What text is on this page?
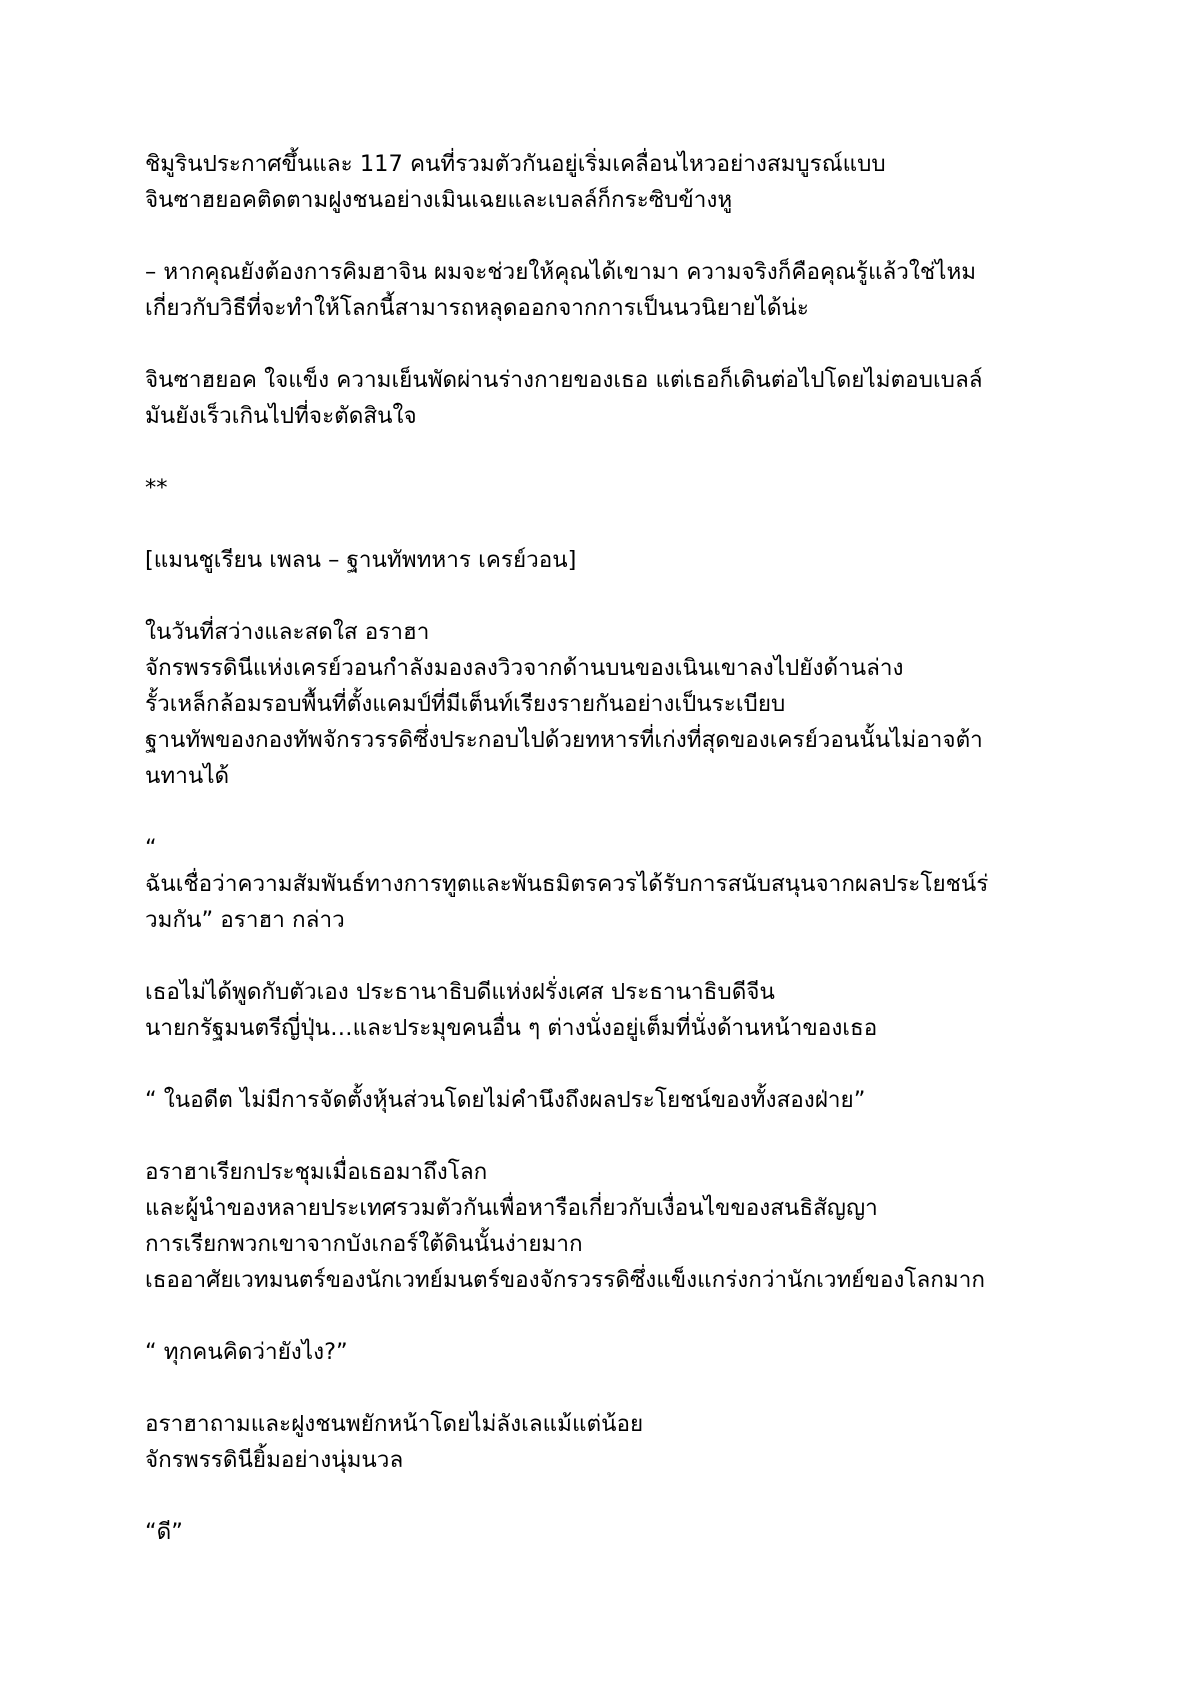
ชิมูรินประกาศขึ้นและ 117 คนที่รวมตัวกันอยู่เริ่มเคลื่อนไหวอย่างสมบูรณ์แบบ
จินซาฮยอคติดตามฝูงชนอย่างเมินเฉยและเบลล์ก็กระซิบข้างหู
– หากคุณยังต้องการคิมฮาจิน ผมจะช่วยให้คุณได้เขามา ความจริงก็คือคุณรู้แล้วใช่ไหม
เกี่ยวกับวิธีที่จะทำให้โลกนี้สามารถหลุดออกจากการเป็นนวนิยายได้น่ะ
จินซาฮยอค ใจแข็ง ความเย็นพัดผ่านร่างกายของเธอ แต่เธอก็เดินต่อไปโดยไม่ตอบเบลล์
มันยังเร็วเกินไปที่จะตัดสินใจ
**
[แมนชูเรียน เพลน – ฐานทัพทหาร เครย์วอน]
ในวันที่สว่างและสดใส อราฮา
จักรพรรดินีแห่งเครย์วอนกำลังมองลงวิวจากด้านบนของเนินเขาลงไปยังด้านล่าง
รั้วเหล็กล้อมรอบพื้นที่ตั้งแคมป์ที่มีเต็นท์เรียงรายกันอย่างเป็นระเบียบ
ฐานทัพของกองทัพจักรวรรดิซึ่งประกอบไปด้วยทหารที่เก่งที่สุดของเครย์วอนนั้นไม่อาจต้า
นทานได้
“
ฉันเชื่อว่าความสัมพันธ์ทางการทูตและพันธมิตรควรได้รับการสนับสนุนจากผลประโยชน์ร่
วมกัน” อราฮา กล่าว
เธอไม่ได้พูดกับตัวเอง ประธานาธิบดีแห่งฝรั่งเศส ประธานาธิบดีจีน
นายกรัฐมนตรีญี่ปุ่น…และประมุขคนอื่น ๆ ต่างนั่งอยู่เต็มที่นั่งด้านหน้าของเธอ
“ ในอดีต ไม่มีการจัดตั้งหุ้นส่วนโดยไม่คำนึงถึงผลประโยชน์ของทั้งสองฝ่าย”
อราฮาเรียกประชุมเมื่อเธอมาถึงโลก
และผู้นำของหลายประเทศรวมตัวกันเพื่อหารือเกี่ยวกับเงื่อนไขของสนธิสัญญา
การเรียกพวกเขาจากบังเกอร์ใต้ดินนั้นง่ายมาก
เธออาศัยเวทมนตร์ของนักเวทย์มนตร์ของจักรวรรดิซึ่งแข็งแกร่งกว่านักเวทย์ของโลกมาก
“ ทุกคนคิดว่ายังไง?”
อราฮาถามและฝูงชนพยักหน้าโดยไม่ลังเลแม้แต่น้อย
จักรพรรดินียิ้มอย่างนุ่มนวล
“ดี”
